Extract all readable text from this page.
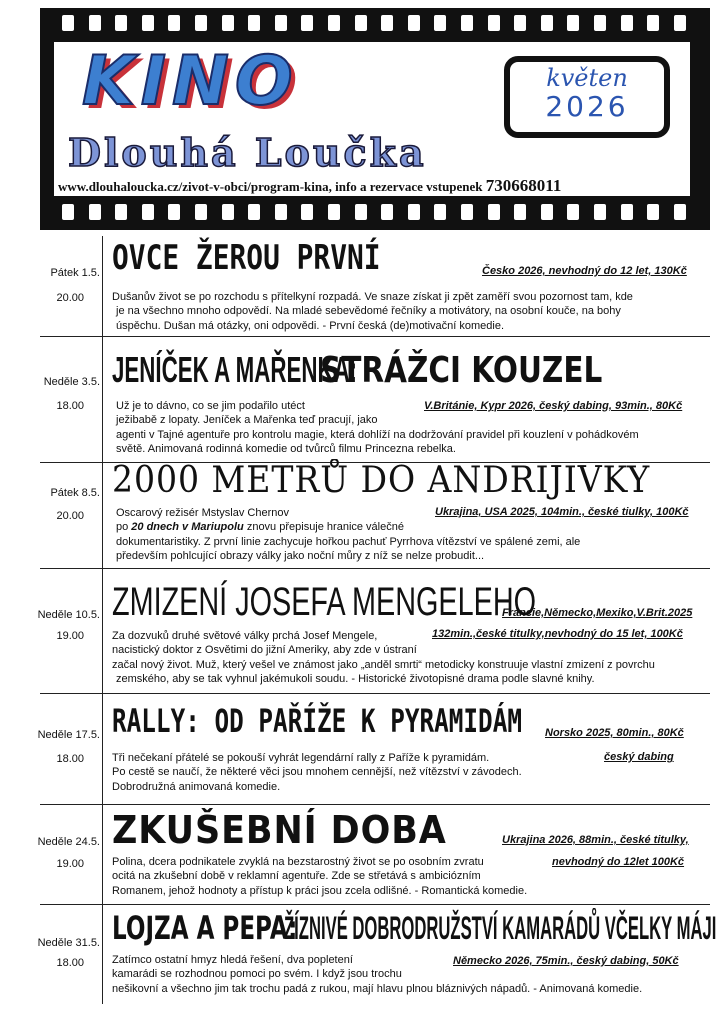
KINO	květen
2026
Dlouhá Loučka
www.dlouhaloucka.cz/zivot-v-obci/program-kina, info a rezervace vstupenek 730668011
Pátek 1.5.
20.00
OVCE ŽEROU PRVNÍ	Česko 2026, nevhodný do 12 let, 130Kč
Dušanův život se po rozchodu s přítelkyní rozpadá. Ve snaze získat ji zpět zaměří svou pozornost tam, kde
je na všechno mnoho odpovědí. Na mladé sebevědomé řečníky a motivátory, na osobní kouče, na bohy
úspěchu. Dušan má otázky, oni odpovědi. - První česká (de)motivační komedie.
Neděle 3.5.
18.00
JENÍČEK A MAŘENKA:STRÁŽCI KOUZEL
V.Británie, Kypr 2026, český dabing, 93min., 80Kč
Už je to dávno, co se jim podařilo utéct
ježibabě z lopaty. Jeníček a Mařenka teď pracují, jako
agenti v Tajné agentuře pro kontrolu magie, která dohlíží na dodržování pravidel při kouzlení v pohádkovém
světě. Animovaná rodinná komedie od tvůrců filmu Princezna rebelka.
Pátek 8.5.
20.00
2000 METRŮ DO ANDRIJIVKY
Ukrajina, USA 2025, 104min., české tiulky, 100Kč
Oscarový režisér Mstyslav Chernov
po 20 dnech v Mariupolu znovu přepisuje hranice válečné
dokumentaristiky. Z první linie zachycuje hořkou pachuť Pyrrhova vítězství ve spálené zemi, ale
především pohlcující obrazy války jako noční můry z níž se nelze probudit...
Neděle 10.5.
19.00
ZMIZENÍ JOSEFA MENGELEHO
Francie,Německo,Mexiko,V.Brit.2025
132min.,české titulky,nevhodný do 15 let, 100Kč
Za dozvuků druhé světové války prchá Josef Mengele,
nacistický doktor z Osvětimi do jižní Ameriky, aby zde v ústraní
začal nový život. Muž, který vešel ve známost jako „anděl smrti“ metodicky konstruuje vlastní zmizení z povrchu
zemského, aby se tak vyhnul jakémukoli soudu. - Historické životopisné drama podle slavné knihy.
Neděle 17.5.
18.00
RALLY: OD PAŘÍŽE K PYRAMIDÁM Norsko 2025, 80min., 80Kč
český dabing
Tři nečekaní přátelé se pokouší vyhrát legendární rally z Paříže k pyramidám.
Po cestě se naučí, že některé věci jsou mnohem cennější, než vítězství v závodech.
Dobrodružná animovaná komedie.
Neděle 24.5.
19.00
ZKUŠEBNÍ DOBA	Ukrajina 2026, 88min., české titulky,
nevhodný do 12let 100Kč
Polina, dcera podnikatele zvyklá na bezstarostný život se po osobním zvratu
ocitá na zkušební době v reklamní agentuře. Zde se střetává s ambiciózním
Romanem, jehož hodnoty a přístup k práci jsou zcela odlišné. - Romantická komedie.
Neděle 31.5.
18.00
LOJZA A PEPA:ŽÍZNIVÉ DOBRODRUŽSTVÍ KAMARÁDŮ VČELKY MÁJI
Německo 2026, 75min., český dabing, 50Kč
Zatímco ostatní hmyz hledá řešení, dva popletení
kamarádi se rozhodnou pomoci po svém. I když jsou trochu
nešikovní a všechno jim tak trochu padá z rukou, mají hlavu plnou bláznivých nápadů. - Animovaná komedie.
